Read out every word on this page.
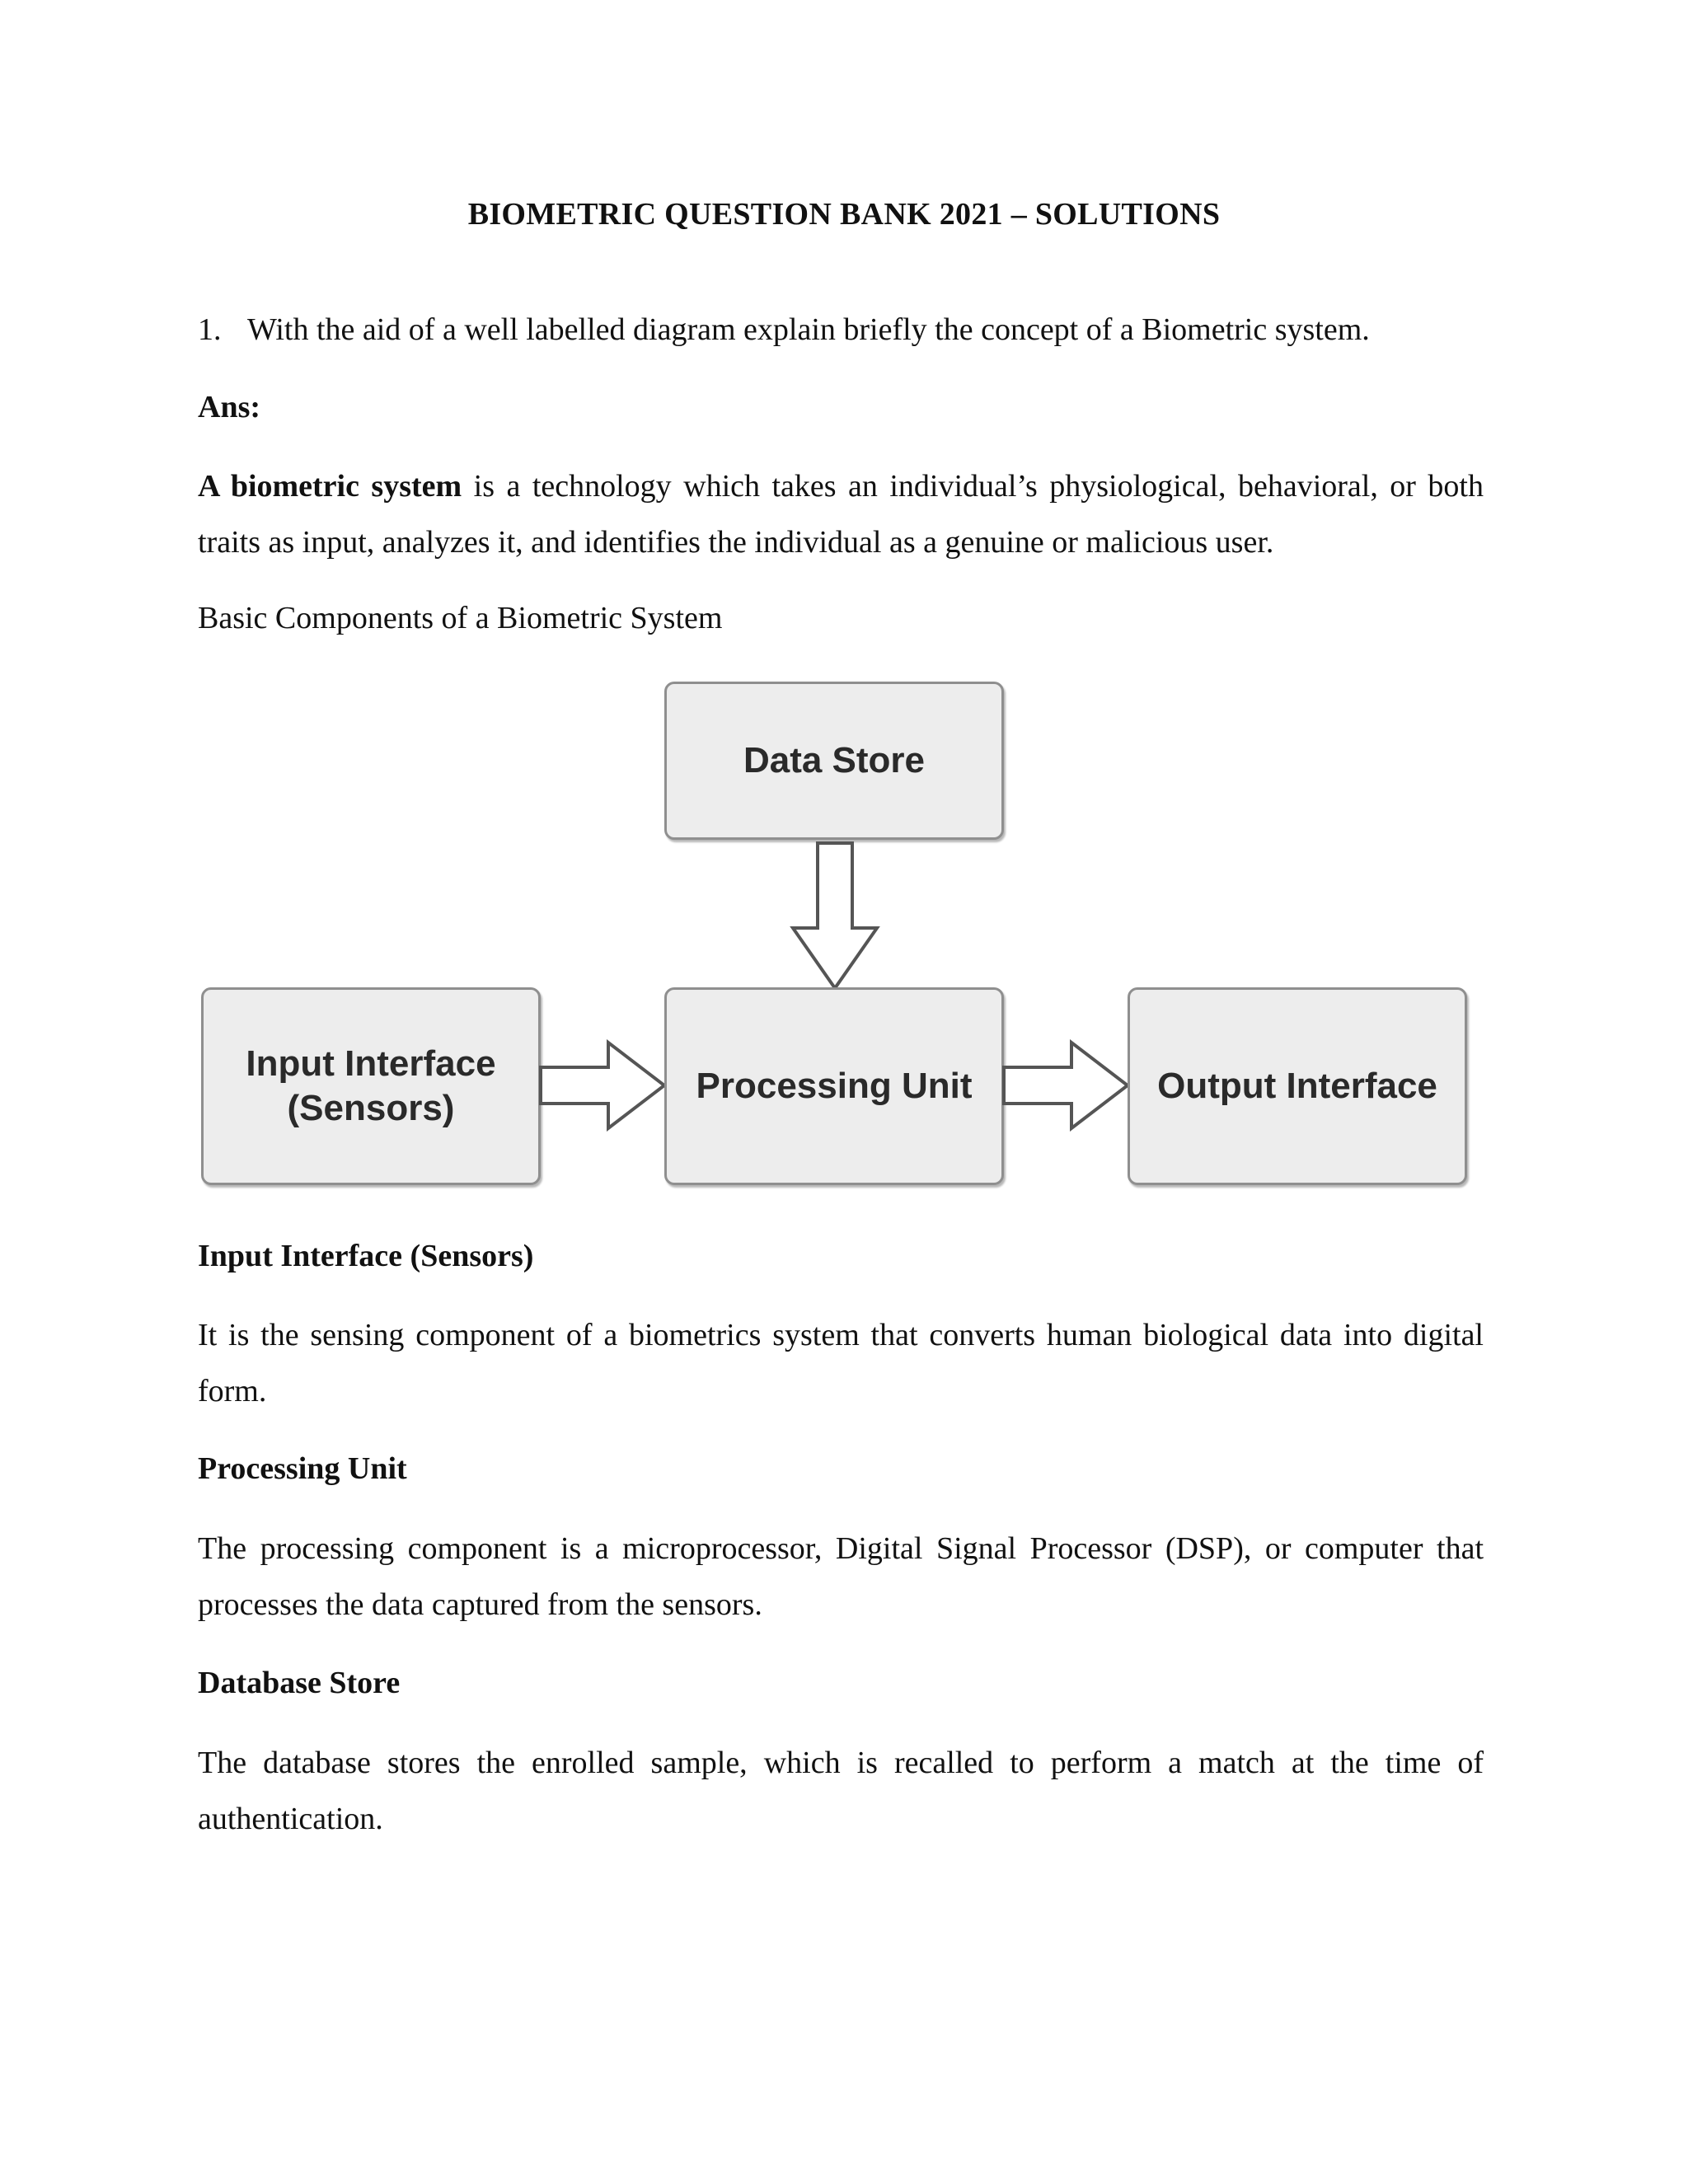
BIOMETRIC QUESTION BANK 2021 – SOLUTIONS
1. With the aid of a well labelled diagram explain briefly the concept of a Biometric system.
Ans:
A biometric system is a technology which takes an individual’s physiological, behavioral, or both traits as input, analyzes it, and identifies the individual as a genuine or malicious user.
Basic Components of a Biometric System
Data Store
Input Interface
(Sensors)
Processing Unit	Output Interface
Input Interface (Sensors)
It is the sensing component of a biometrics system that converts human biological data into digital form.
Processing Unit
The processing component is a microprocessor, Digital Signal Processor (DSP), or computer that processes the data captured from the sensors.
Database Store
The database stores the enrolled sample, which is recalled to perform a match at the time of authentication.
